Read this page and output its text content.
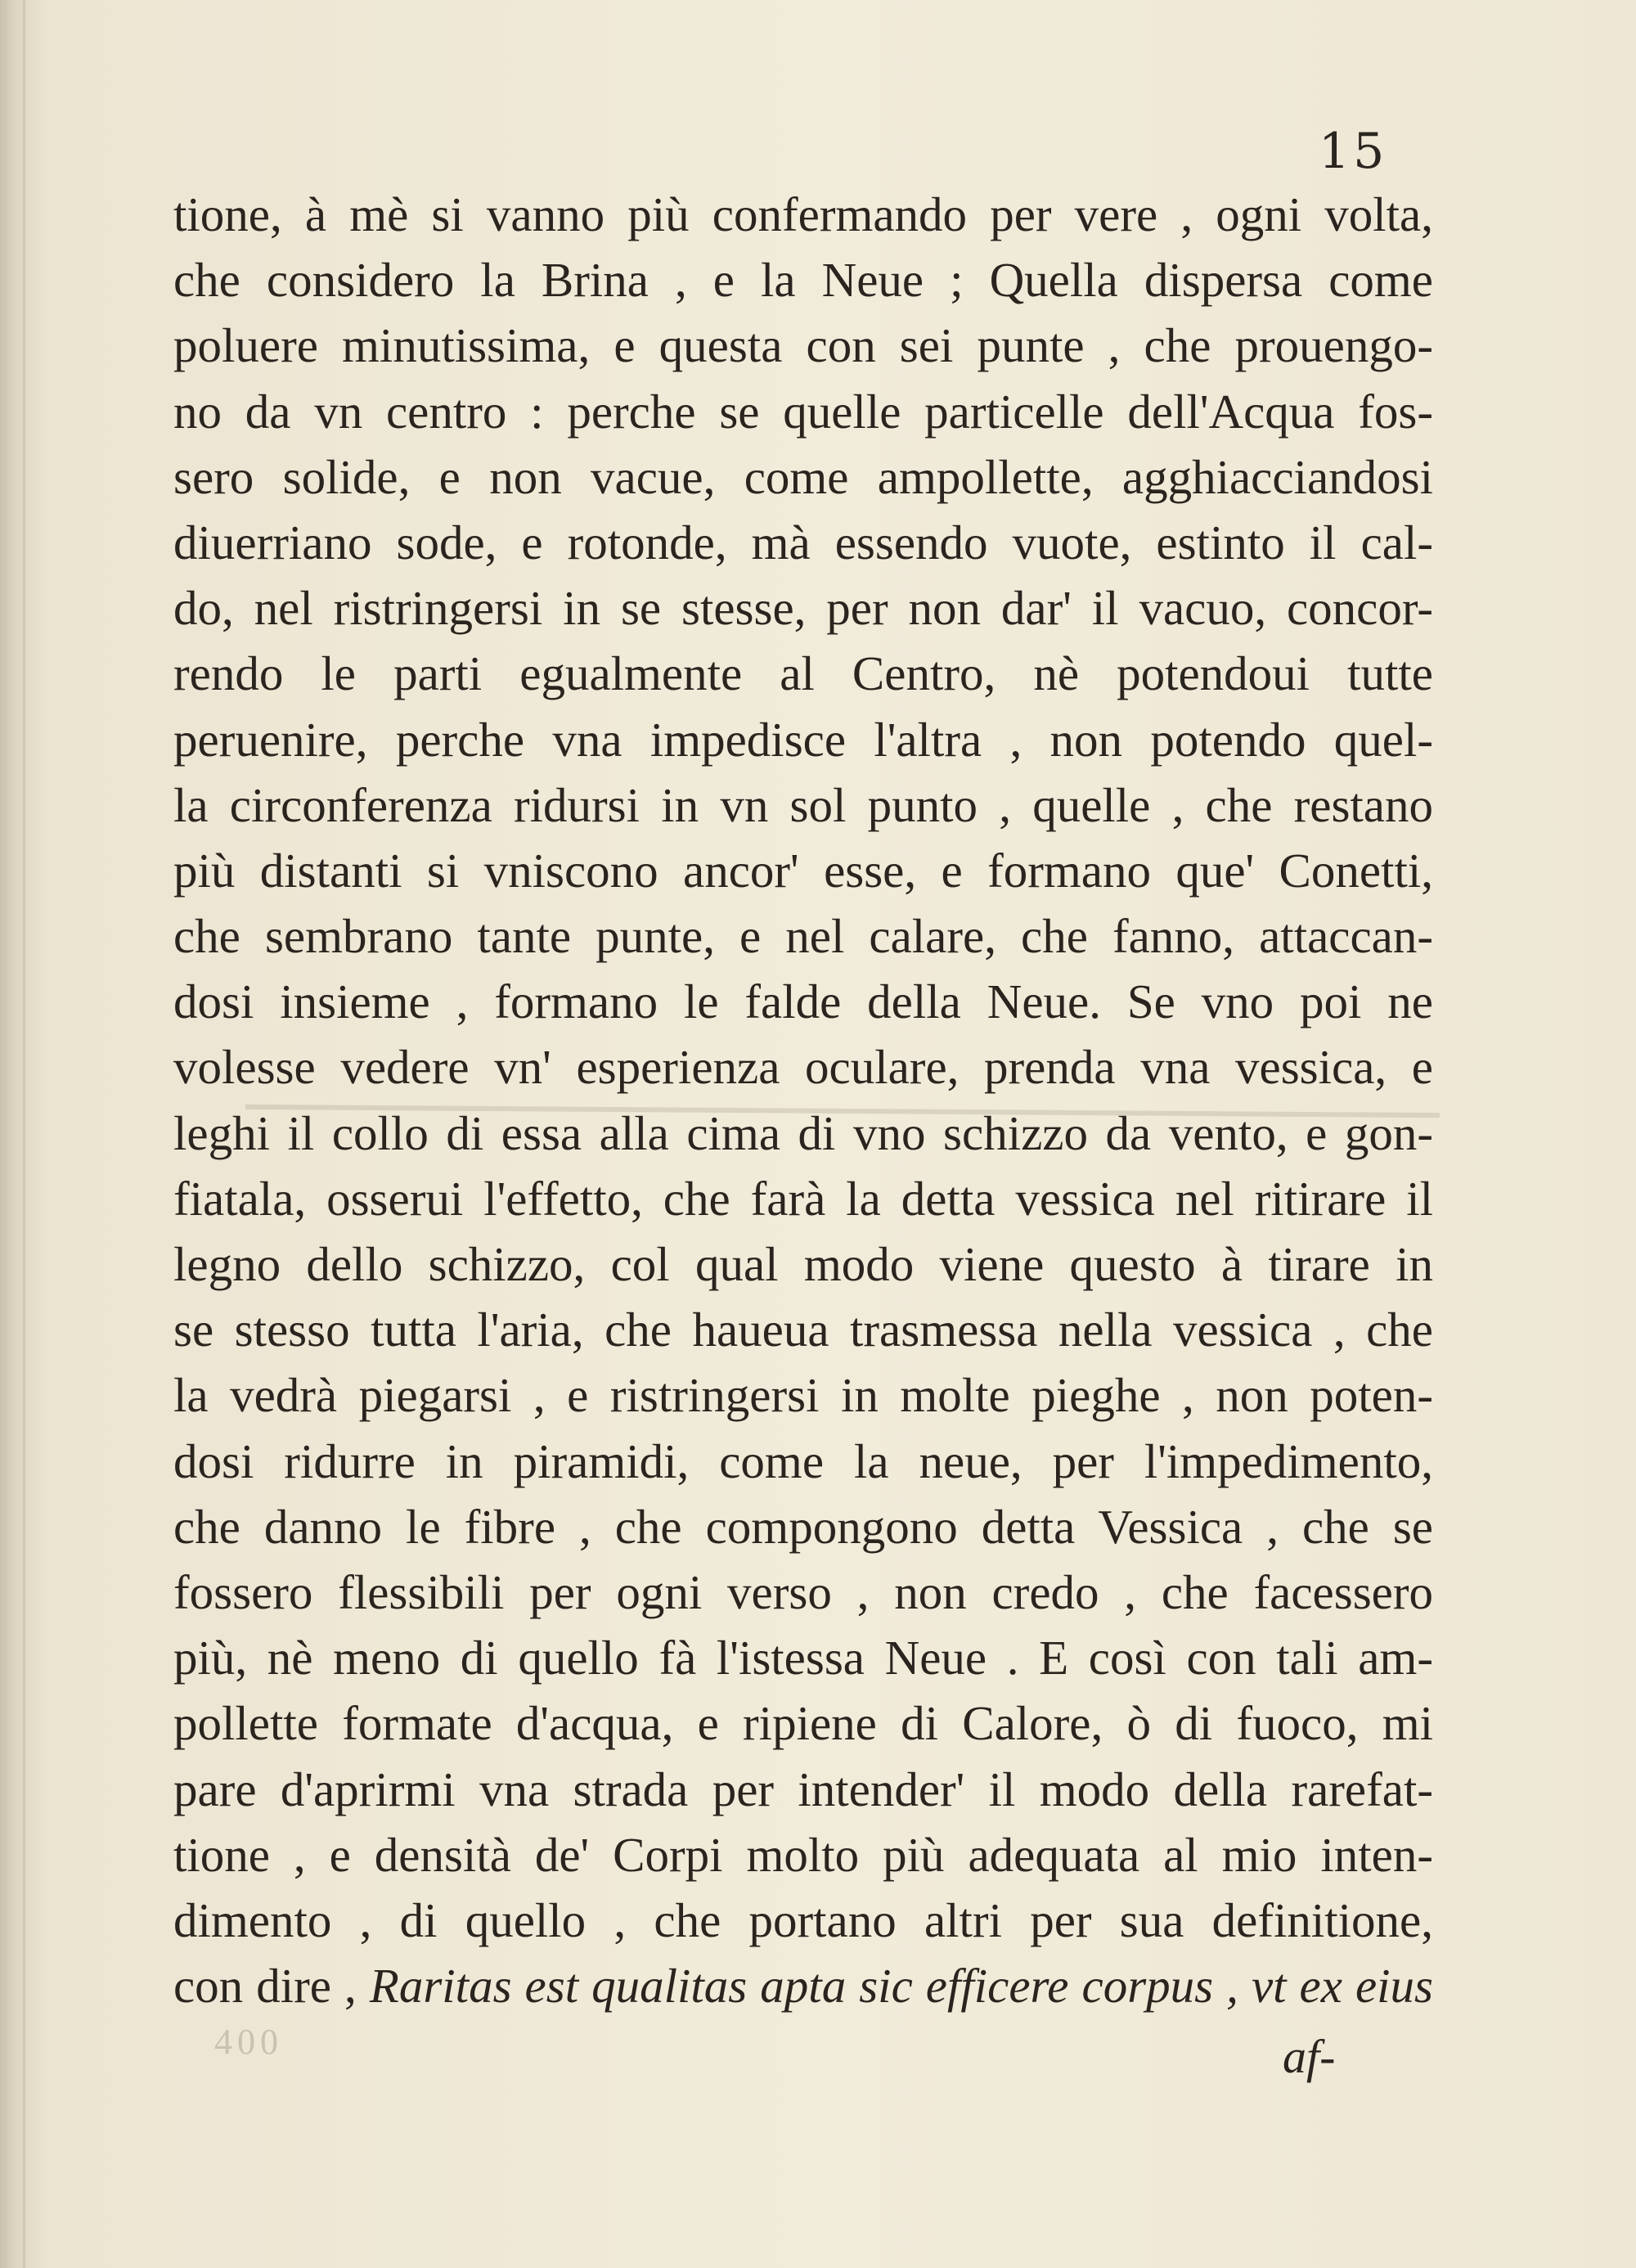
15
tione, à mè si vanno più confermando per vere , ogni volta,
che considero la Brina , e la Neue ; Quella dispersa come
poluere minutissima, e questa con sei punte , che prouengo-
no da vn centro : perche se quelle particelle dell'Acqua fos-
sero solide, e non vacue, come ampollette, agghiacciandosi
diuerriano sode, e rotonde, mà essendo vuote, estinto il cal-
do, nel ristringersi in se stesse, per non dar' il vacuo, concor-
rendo le parti egualmente al Centro, nè potendoui tutte
peruenire, perche vna impedisce l'altra , non potendo quel-
la circonferenza ridursi in vn sol punto , quelle , che restano
più distanti si vniscono ancor' esse, e formano que' Conetti,
che sembrano tante punte, e nel calare, che fanno, attaccan-
dosi insieme , formano le falde della Neue. Se vno poi ne
volesse vedere vn' esperienza oculare, prenda vna vessica, e
leghi il collo di essa alla cima di vno schizzo da vento, e gon-
fiatala, osserui l'effetto, che farà la detta vessica nel ritirare il
legno dello schizzo, col qual modo viene questo à tirare in
se stesso tutta l'aria, che haueua trasmessa nella vessica , che
la vedrà piegarsi , e ristringersi in molte pieghe , non poten-
dosi ridurre in piramidi, come la neue, per l'impedimento,
che danno le fibre , che compongono detta Vessica , che se
fossero flessibili per ogni verso , non credo , che facessero
più, nè meno di quello fà l'istessa Neue . E così con tali am-
pollette formate d'acqua, e ripiene di Calore, ò di fuoco, mi
pare d'aprirmi vna strada per intender' il modo della rarefat-
tione , e densità de' Corpi molto più adequata al mio inten-
dimento , di quello , che portano altri per sua definitione,
con dire , Raritas est qualitas apta sic efficere corpus , vt ex eius
400	af-
